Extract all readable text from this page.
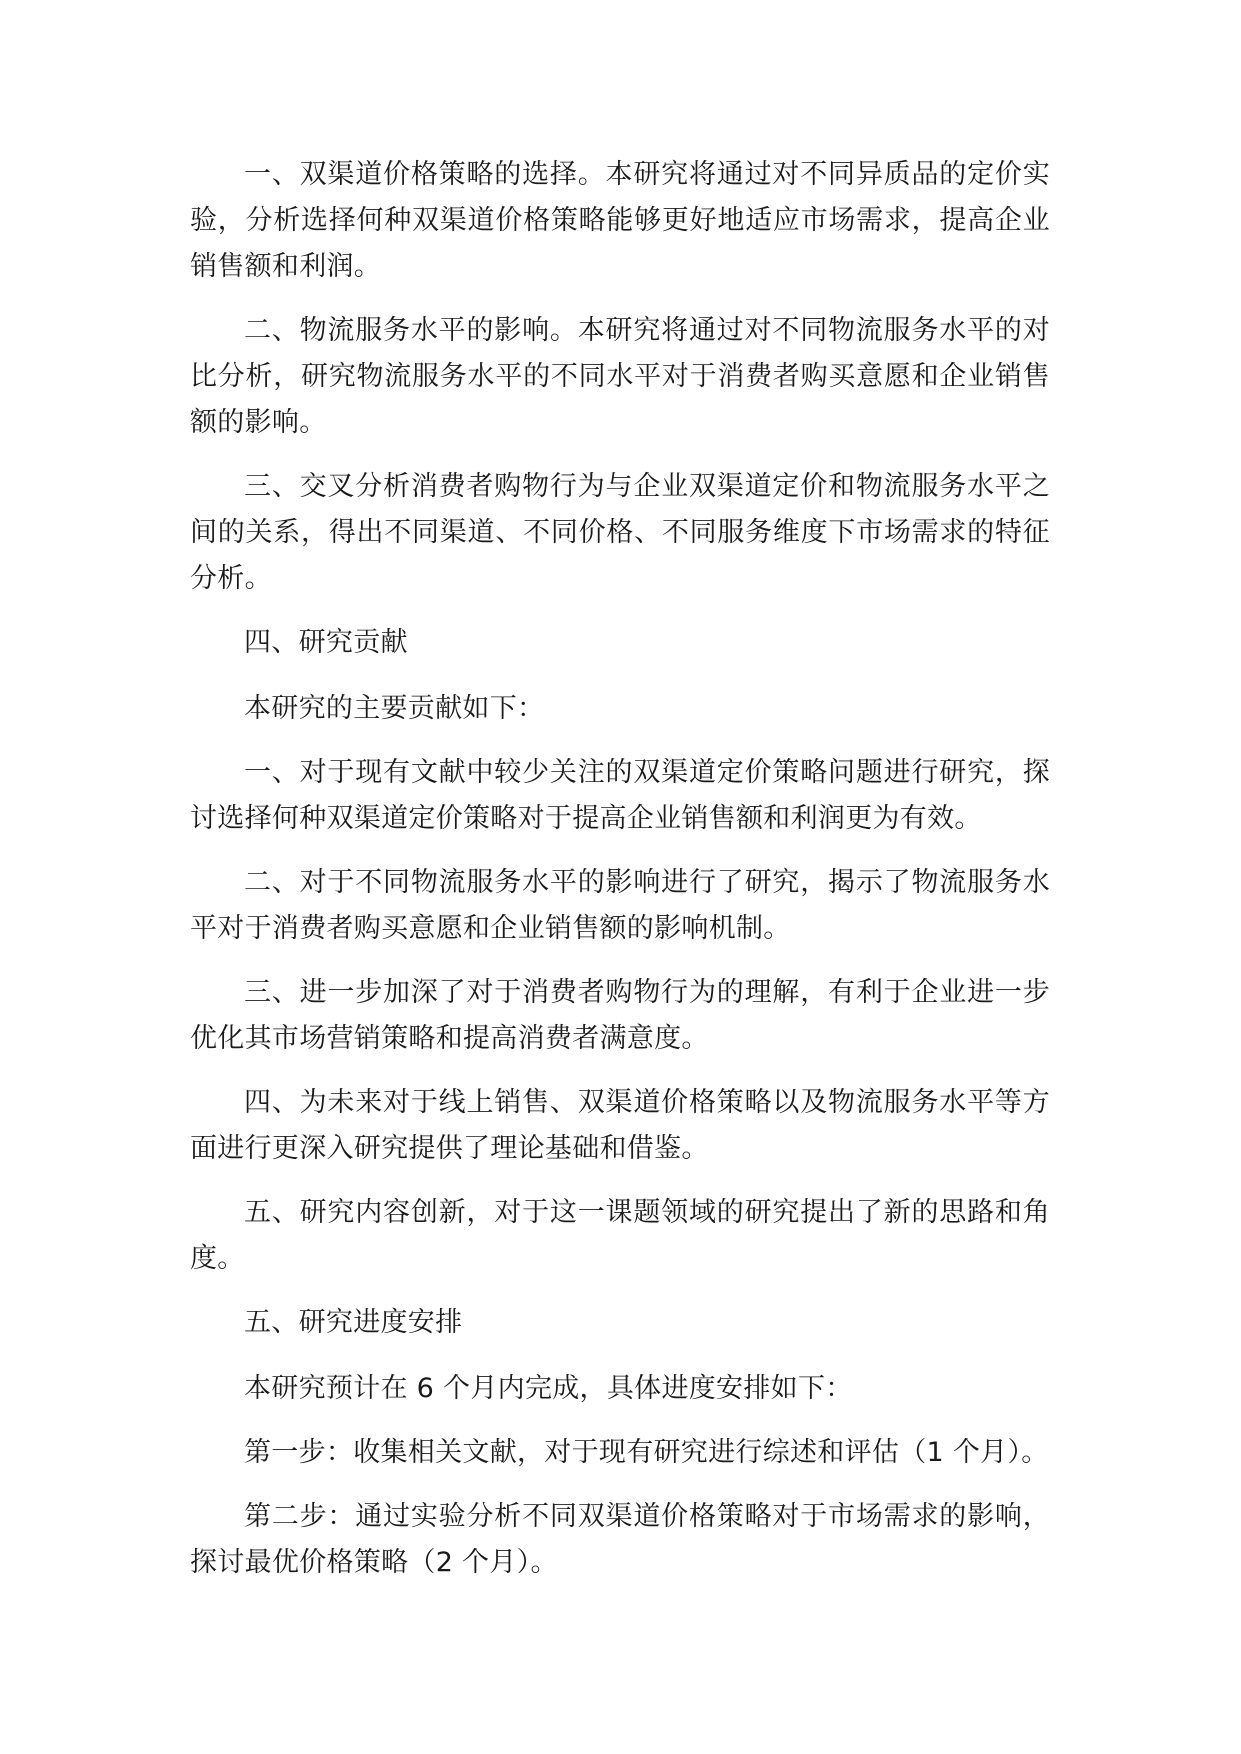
一、双渠道价格策略的选择。本研究将通过对不同异质品的定价实验，分析选择何种双渠道价格策略能够更好地适应市场需求，提高企业销售额和利润。

二、物流服务水平的影响。本研究将通过对不同物流服务水平的对比分析，研究物流服务水平的不同水平对于消费者购买意愿和企业销售额的影响。

三、交叉分析消费者购物行为与企业双渠道定价和物流服务水平之间的关系，得出不同渠道、不同价格、不同服务维度下市场需求的特征分析。

四、研究贡献

本研究的主要贡献如下：

一、对于现有文献中较少关注的双渠道定价策略问题进行研究，探讨选择何种双渠道定价策略对于提高企业销售额和利润更为有效。

二、对于不同物流服务水平的影响进行了研究，揭示了物流服务水平对于消费者购买意愿和企业销售额的影响机制。

三、进一步加深了对于消费者购物行为的理解，有利于企业进一步优化其市场营销策略和提高消费者满意度。

四、为未来对于线上销售、双渠道价格策略以及物流服务水平等方面进行更深入研究提供了理论基础和借鉴。

五、研究内容创新，对于这一课题领域的研究提出了新的思路和角度。

五、研究进度安排

本研究预计在 6 个月内完成，具体进度安排如下：

第一步：收集相关文献，对于现有研究进行综述和评估（1 个月）。

第二步：通过实验分析不同双渠道价格策略对于市场需求的影响，探讨最优价格策略（2 个月）。
